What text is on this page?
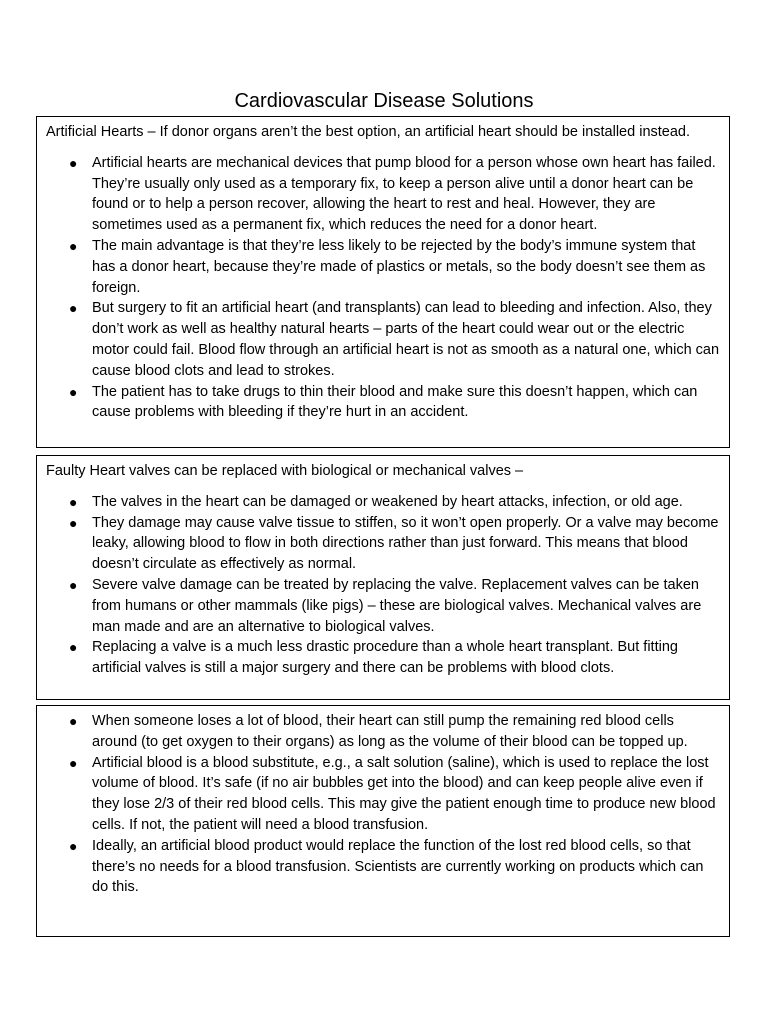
Cardiovascular Disease Solutions

Artificial Hearts – If donor organs aren’t the best option, an artificial heart should be installed instead.

● Artificial hearts are mechanical devices that pump blood for a person whose own heart has failed. They’re usually only used as a temporary fix, to keep a person alive until a donor heart can be found or to help a person recover, allowing the heart to rest and heal. However, they are sometimes used as a permanent fix, which reduces the need for a donor heart.
● The main advantage is that they’re less likely to be rejected by the body’s immune system that has a donor heart, because they’re made of plastics or metals, so the body doesn’t see them as foreign.
● But surgery to fit an artificial heart (and transplants) can lead to bleeding and infection. Also, they don’t work as well as healthy natural hearts – parts of the heart could wear out or the electric motor could fail. Blood flow through an artificial heart is not as smooth as a natural one, which can cause blood clots and lead to strokes.
● The patient has to take drugs to thin their blood and make sure this doesn’t happen, which can cause problems with bleeding if they’re hurt in an accident.

Faulty Heart valves can be replaced with biological or mechanical valves –

● The valves in the heart can be damaged or weakened by heart attacks, infection, or old age.
● They damage may cause valve tissue to stiffen, so it won’t open properly. Or a valve may become leaky, allowing blood to flow in both directions rather than just forward. This means that blood doesn’t circulate as effectively as normal.
● Severe valve damage can be treated by replacing the valve. Replacement valves can be taken from humans or other mammals (like pigs) – these are biological valves. Mechanical valves are man made and are an alternative to biological valves.
● Replacing a valve is a much less drastic procedure than a whole heart transplant. But fitting artificial valves is still a major surgery and there can be problems with blood clots.
● When someone loses a lot of blood, their heart can still pump the remaining red blood cells around (to get oxygen to their organs) as long as the volume of their blood can be topped up.
● Artificial blood is a blood substitute, e.g., a salt solution (saline), which is used to replace the lost volume of blood. It’s safe (if no air bubbles get into the blood) and can keep people alive even if they lose 2/3 of their red blood cells. This may give the patient enough time to produce new blood cells. If not, the patient will need a blood transfusion.
● Ideally, an artificial blood product would replace the function of the lost red blood cells, so that there’s no needs for a blood transfusion. Scientists are currently working on products which can do this.
